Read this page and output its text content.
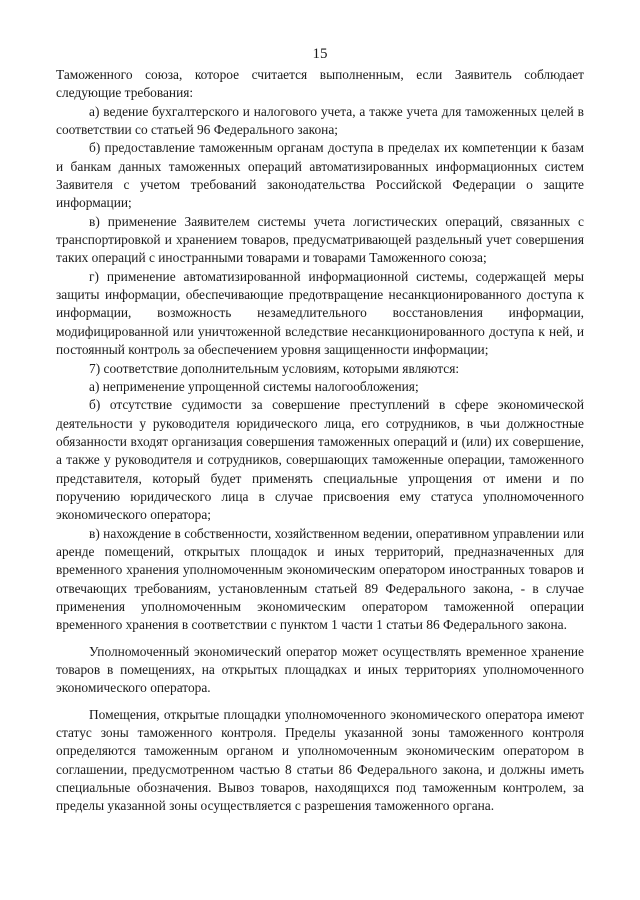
15

Таможенного союза, которое считается выполненным, если Заявитель соблюдает следующие требования:

а) ведение бухгалтерского и налогового учета, а также учета для таможенных целей в соответствии со статьей 96 Федерального закона;

б) предоставление таможенным органам доступа в пределах их компетенции к базам и банкам данных таможенных операций автоматизированных информационных систем Заявителя с учетом требований законодательства Российской Федерации о защите информации;

в) применение Заявителем системы учета логистических операций, связанных с транспортировкой и хранением товаров, предусматривающей раздельный учет совершения таких операций с иностранными товарами и товарами Таможенного союза;

г) применение автоматизированной информационной системы, содержащей меры защиты информации, обеспечивающие предотвращение несанкционированного доступа к информации, возможность незамедлительного восстановления информации, модифицированной или уничтоженной вследствие несанкционированного доступа к ней, и постоянный контроль за обеспечением уровня защищенности информации;

7) соответствие дополнительным условиям, которыми являются:

а) неприменение упрощенной системы налогообложения;

б) отсутствие судимости за совершение преступлений в сфере экономической деятельности у руководителя юридического лица, его сотрудников, в чьи должностные обязанности входят организация совершения таможенных операций и (или) их совершение, а также у руководителя и сотрудников, совершающих таможенные операции, таможенного представителя, который будет применять специальные упрощения от имени и по поручению юридического лица в случае присвоения ему статуса уполномоченного экономического оператора;

в) нахождение в собственности, хозяйственном ведении, оперативном управлении или аренде помещений, открытых площадок и иных территорий, предназначенных для временного хранения уполномоченным экономическим оператором иностранных товаров и отвечающих требованиям, установленным статьей 89 Федерального закона, - в случае применения уполномоченным экономическим оператором таможенной операции временного хранения в соответствии с пунктом 1 части 1 статьи 86 Федерального закона.

Уполномоченный экономический оператор может осуществлять временное хранение товаров в помещениях, на открытых площадках и иных территориях уполномоченного экономического оператора.

Помещения, открытые площадки уполномоченного экономического оператора имеют статус зоны таможенного контроля. Пределы указанной зоны таможенного контроля определяются таможенным органом и уполномоченным экономическим оператором в соглашении, предусмотренном частью 8 статьи 86 Федерального закона, и должны иметь специальные обозначения. Вывоз товаров, находящихся под таможенным контролем, за пределы указанной зоны осуществляется с разрешения таможенного органа.
